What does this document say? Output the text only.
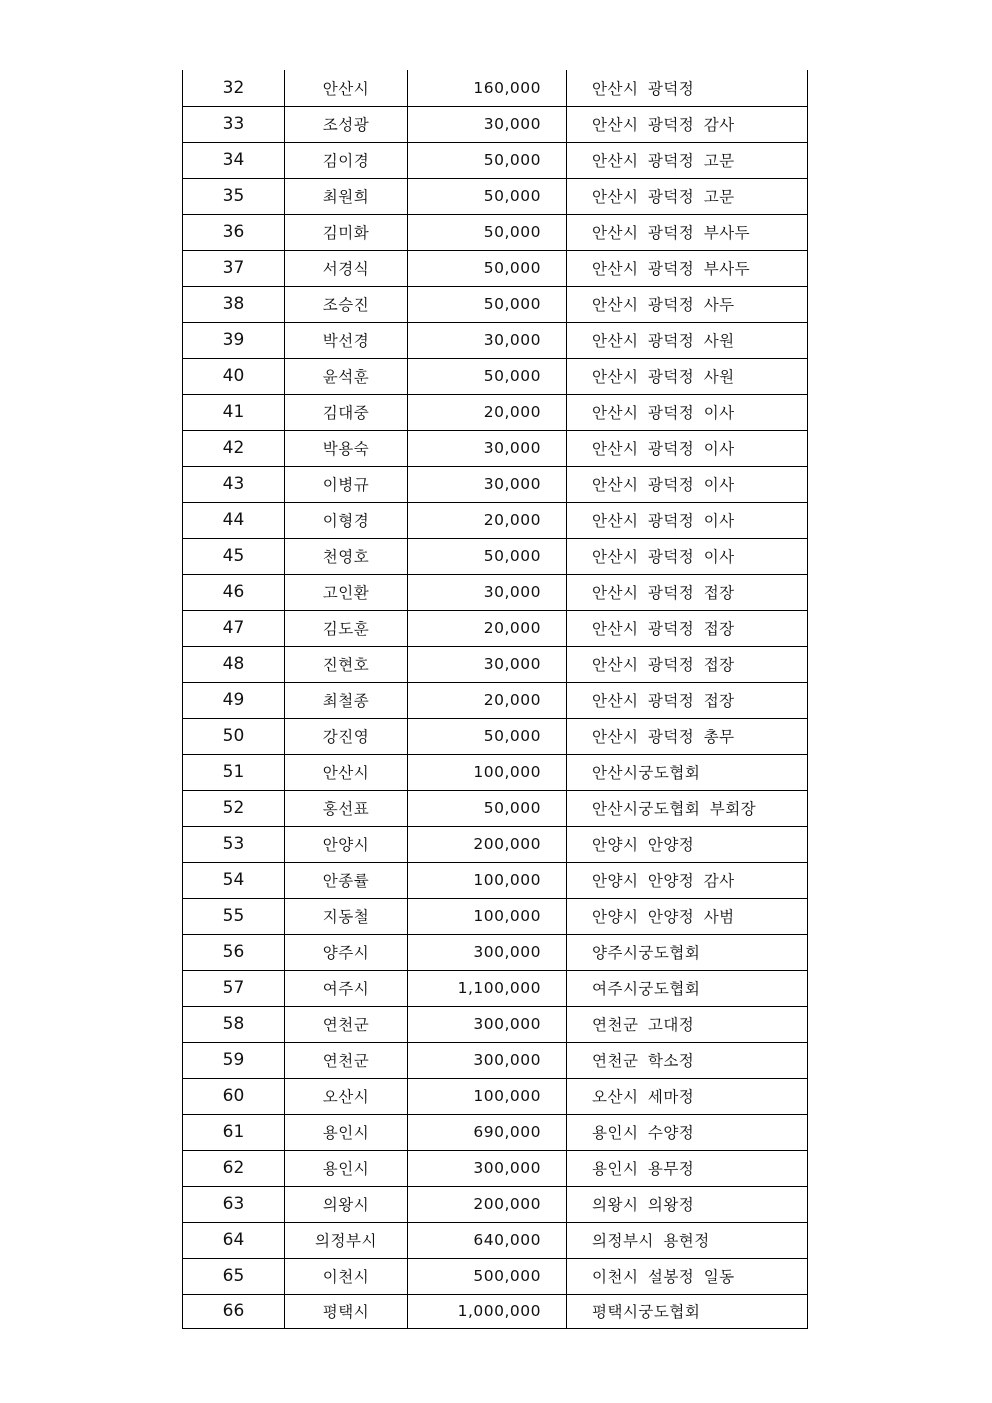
32	안산시	160,000	안산시 광덕정
33	조성광	30,000	안산시 광덕정 감사
34	김이경	50,000	안산시 광덕정 고문
35	최원희	50,000	안산시 광덕정 고문
36	김미화	50,000	안산시 광덕정 부사두
37	서경식	50,000	안산시 광덕정 부사두
38	조승진	50,000	안산시 광덕정 사두
39	박선경	30,000	안산시 광덕정 사원
40	윤석훈	50,000	안산시 광덕정 사원
41	김대중	20,000	안산시 광덕정 이사
42	박용숙	30,000	안산시 광덕정 이사
43	이병규	30,000	안산시 광덕정 이사
44	이형경	20,000	안산시 광덕정 이사
45	천영호	50,000	안산시 광덕정 이사
46	고인환	30,000	안산시 광덕정 접장
47	김도훈	20,000	안산시 광덕정 접장
48	진현호	30,000	안산시 광덕정 접장
49	최철종	20,000	안산시 광덕정 접장
50	강진영	50,000	안산시 광덕정 총무
51	안산시	100,000	안산시궁도협회
52	홍선표	50,000	안산시궁도협회 부회장
53	안양시	200,000	안양시 안양정
54	안종률	100,000	안양시 안양정 감사
55	지동철	100,000	안양시 안양정 사범
56	양주시	300,000	양주시궁도협회
57	여주시	1,100,000	여주시궁도협회
58	연천군	300,000	연천군 고대정
59	연천군	300,000	연천군 학소정
60	오산시	100,000	오산시 세마정
61	용인시	690,000	용인시 수양정
62	용인시	300,000	용인시 용무정
63	의왕시	200,000	의왕시 의왕정
64	의정부시	640,000	의정부시 용현정
65	이천시	500,000	이천시 설봉정 일동
66	평택시	1,000,000	평택시궁도협회
